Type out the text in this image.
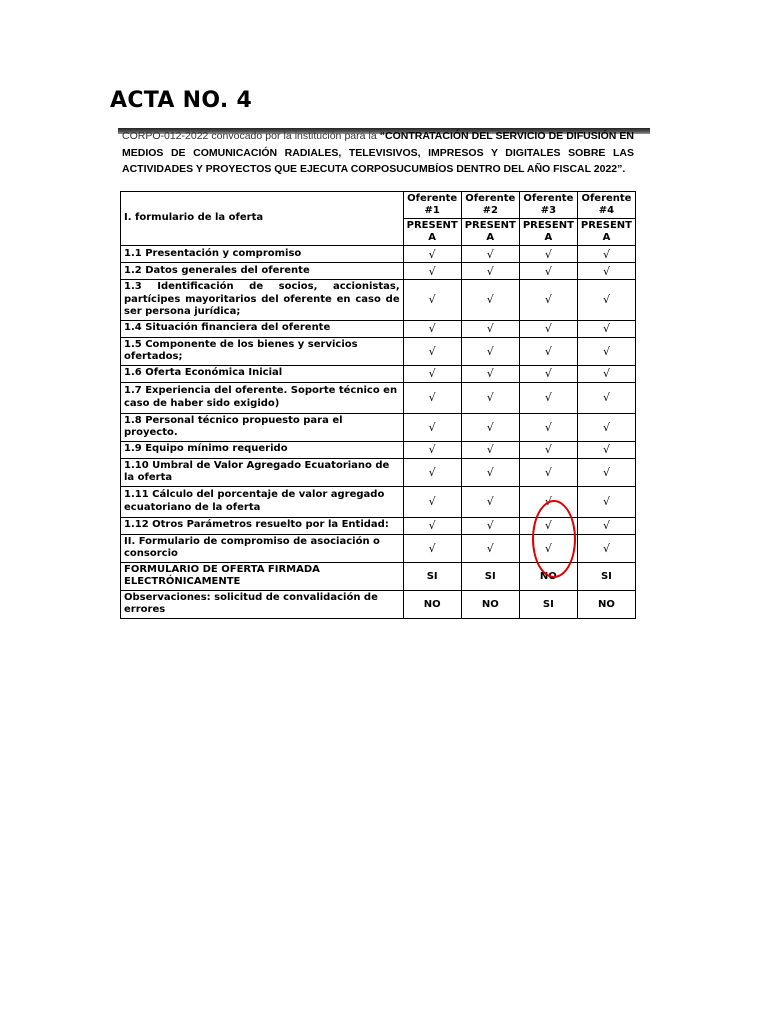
ACTA NO. 4
CORPO-012-2022 convocado por la institución para la “CONTRATACIÓN DEL SERVICIO DE DIFUSIÓN EN MEDIOS DE COMUNICACIÓN RADIALES, TELEVISIVOS, IMPRESOS Y DIGITALES SOBRE LAS ACTIVIDADES Y PROYECTOS QUE EJECUTA CORPOSUCUMBÍOS DENTRO DEL AÑO FISCAL 2022”.
I. formulario de la oferta	Oferente #1	Oferente #2	Oferente #3	Oferente #4
	PRESENT A	PRESENT A	PRESENT A	PRESENT A
1.1 Presentación y compromiso	√	√	√	√
1.2 Datos generales del oferente	√	√	√	√
1.3 Identificación de socios, accionistas, partícipes mayoritarios del oferente en caso de ser persona jurídica;	√	√	√	√
1.4 Situación financiera del oferente	√	√	√	√
1.5 Componente de los bienes y servicios ofertados;	√	√	√	√
1.6 Oferta Económica Inicial	√	√	√	√
1.7 Experiencia del oferente. Soporte técnico en caso de haber sido exigido)	√	√	√	√
1.8 Personal técnico propuesto para el proyecto.	√	√	√	√
1.9 Equipo mínimo requerido	√	√	√	√
1.10 Umbral de Valor Agregado Ecuatoriano de la oferta	√	√	√	√
1.11 Cálculo del porcentaje de valor agregado ecuatoriano de la oferta	√	√	√	√
1.12 Otros Parámetros resuelto por la Entidad:	√	√	√	√
II. Formulario de compromiso de asociación o consorcio	√	√	√	√
FORMULARIO DE OFERTA FIRMADA ELECTRÓNICAMENTE	SI	SI	NO	SI
Observaciones: solicitud de convalidación de errores	NO	NO	SI	NO
